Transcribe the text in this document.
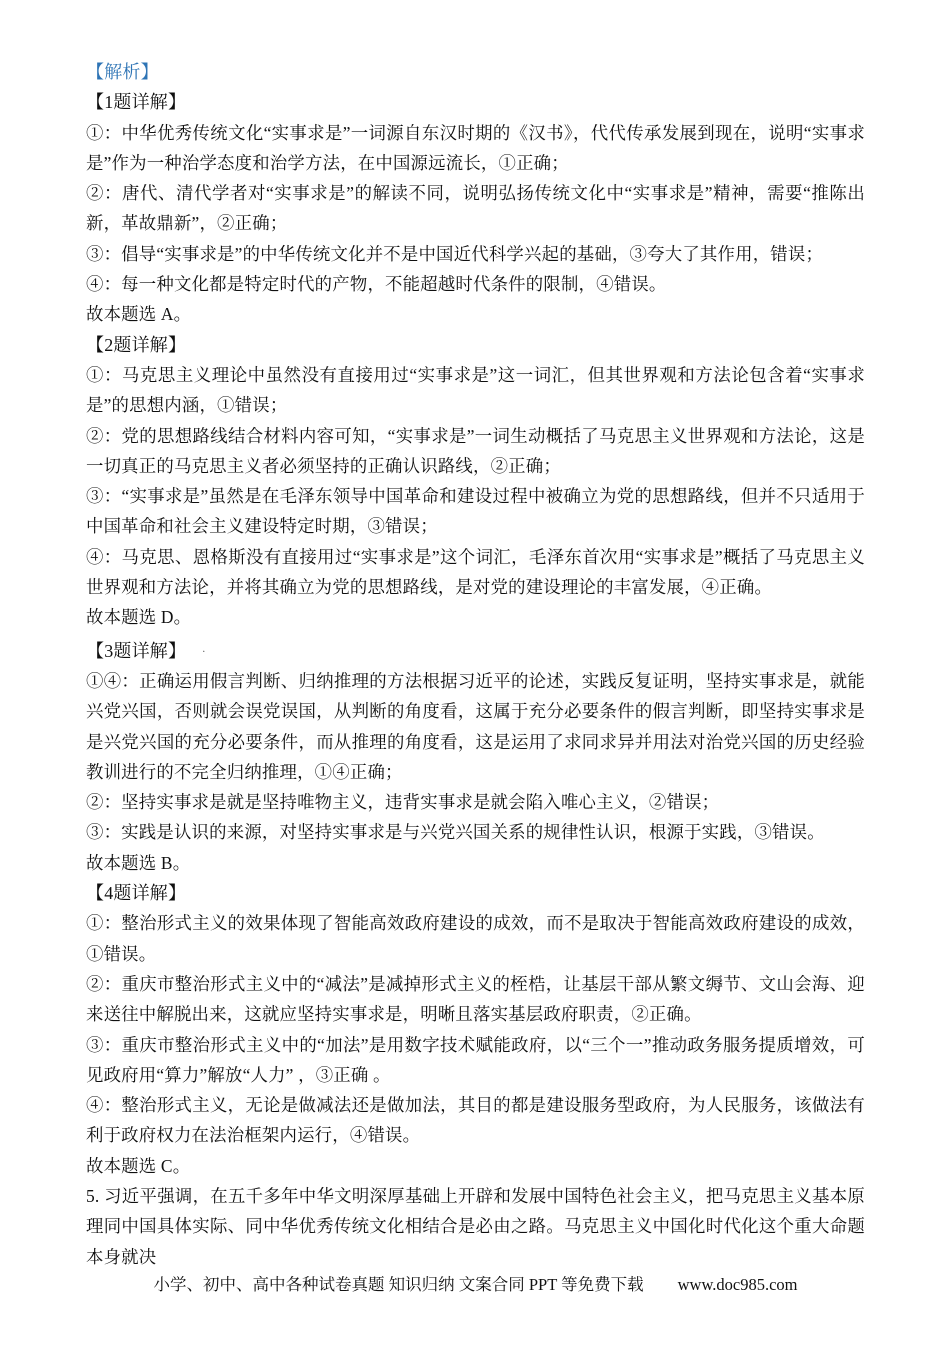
【解析】

【1题详解】

①：中华优秀传统文化“实事求是”一词源自东汉时期的《汉书》，代代传承发展到现在，说明“实事求是”作为一种治学态度和治学方法，在中国源远流长，①正确；

②：唐代、清代学者对“实事求是”的解读不同，说明弘扬传统文化中“实事求是”精神，需要“推陈出新，革故鼎新”，②正确；

③：倡导“实事求是”的中华传统文化并不是中国近代科学兴起的基础，③夸大了其作用，错误；

④：每一种文化都是特定时代的产物，不能超越时代条件的限制，④错误。

故本题选 A。

【2题详解】

①：马克思主义理论中虽然没有直接用过“实事求是”这一词汇，但其世界观和方法论包含着“实事求是”的思想内涵，①错误；

②：党的思想路线结合材料内容可知，“实事求是”一词生动概括了马克思主义世界观和方法论，这是一切真正的马克思主义者必须坚持的正确认识路线，②正确；

③：“实事求是”虽然是在毛泽东领导中国革命和建设过程中被确立为党的思想路线，但并不只适用于中国革命和社会主义建设特定时期，③错误；

④：马克思、恩格斯没有直接用过“实事求是”这个词汇，毛泽东首次用“实事求是”概括了马克思主义世界观和方法论，并将其确立为党的思想路线，是对党的建设理论的丰富发展，④正确。

故本题选 D。

【3题详解】 .

①④：正确运用假言判断、归纳推理的方法根据习近平的论述，实践反复证明，坚持实事求是，就能兴党兴国，否则就会误党误国，从判断的角度看，这属于充分必要条件的假言判断，即坚持实事求是是兴党兴国的充分必要条件，而从推理的角度看，这是运用了求同求异并用法对治党兴国的历史经验教训进行的不完全归纳推理，①④正确；

②：坚持实事求是就是坚持唯物主义，违背实事求是就会陷入唯心主义，②错误；

③：实践是认识的来源，对坚持实事求是与兴党兴国关系的规律性认识，根源于实践，③错误。

故本题选 B。

【4题详解】

①：整治形式主义的效果体现了智能高效政府建设的成效，而不是取决于智能高效政府建设的成效，①错误。

②：重庆市整治形式主义中的“减法”是减掉形式主义的桎梏，让基层干部从繁文缛节、文山会海、迎来送往中解脱出来，这就应坚持实事求是，明晰且落实基层政府职责，②正确。

③：重庆市整治形式主义中的“加法”是用数字技术赋能政府，以“三个一”推动政务服务提质增效，可见政府用“算力”解放“人力” ，③正确 。

④：整治形式主义，无论是做减法还是做加法，其目的都是建设服务型政府，为人民服务，该做法有利于政府权力在法治框架内运行，④错误。

故本题选 C。

5. 习近平强调，在五千多年中华文明深厚基础上开辟和发展中国特色社会主义，把马克思主义基本原理同中国具体实际、同中华优秀传统文化相结合是必由之路。马克思主义中国化时代化这个重大命题本身就决

小学、初中、高中各种试卷真题 知识归纳 文案合同 PPT 等免费下载 www.doc985.com
